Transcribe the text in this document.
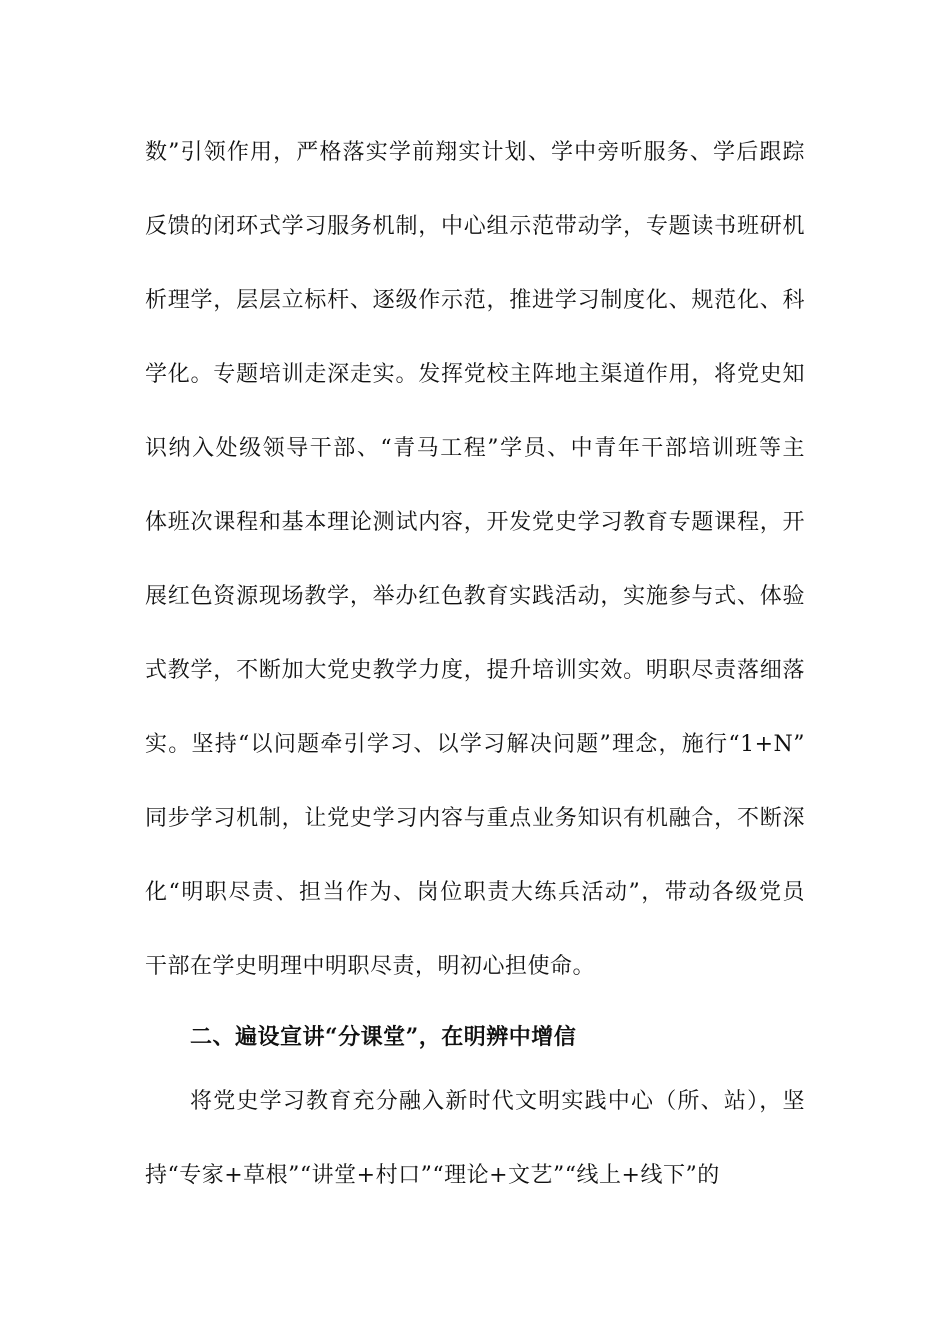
数”引领作用，严格落实学前翔实计划、学中旁听服务、学后跟踪
反馈的闭环式学习服务机制，中心组示范带动学，专题读书班研机
析理学，层层立标杆、逐级作示范，推进学习制度化、规范化、科
学化。专题培训走深走实。发挥党校主阵地主渠道作用，将党史知
识纳入处级领导干部、“青马工程”学员、中青年干部培训班等主
体班次课程和基本理论测试内容，开发党史学习教育专题课程，开
展红色资源现场教学，举办红色教育实践活动，实施参与式、体验
式教学，不断加大党史教学力度，提升培训实效。明职尽责落细落
实。坚持“以问题牵引学习、以学习解决问题”理念，施行“1+N”
同步学习机制，让党史学习内容与重点业务知识有机融合，不断深
化“明职尽责、担当作为、岗位职责大练兵活动”，带动各级党员
干部在学史明理中明职尽责，明初心担使命。
二、遍设宣讲“分课堂”，在明辨中增信
将党史学习教育充分融入新时代文明实践中心（所、站），坚
持“专家+草根”“讲堂+村口”“理论+文艺”“线上+线下”的
